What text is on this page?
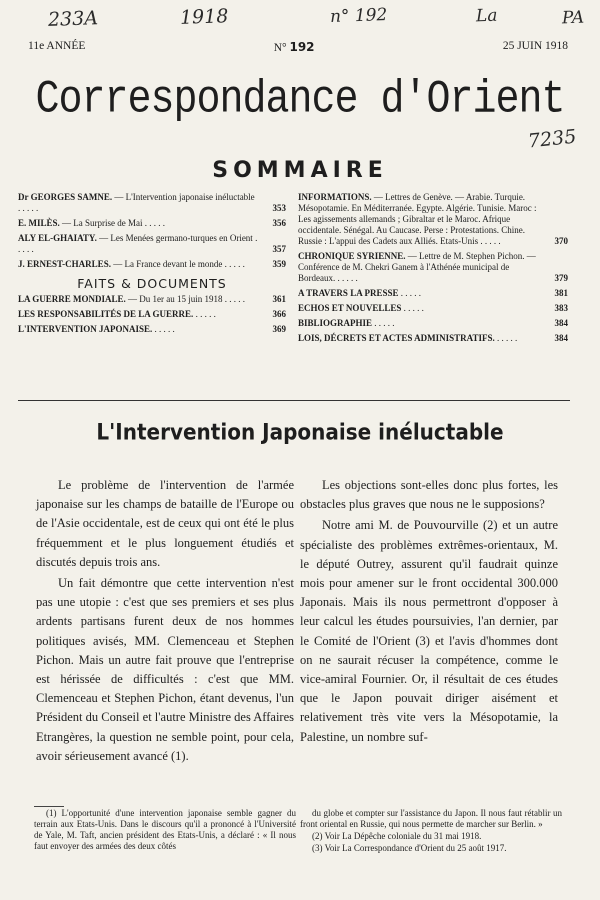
233A	1918	n° 192	La	PA
7235
11e ANNÉE	N° 192	25 JUIN 1918
Correspondance d'Orient
SOMMAIRE
Dr GEORGES SAMNE. — L'Intervention japonaise inéluctable . . . . .	353
E. MILÈS. — La Surprise de Mai . . . . .	356
ALY EL-GHAIATY. — Les Menées germano-turques en Orient . . . . .	357
J. ERNEST-CHARLES. — La France devant le monde . . . . .	359
FAITS & DOCUMENTS
LA GUERRE MONDIALE. — Du 1er au 15 juin 1918 . . . . .	361
LES RESPONSABILITÉS DE LA GUERRE. . . . . .	366
L'INTERVENTION JAPONAISE. . . . . .	369
INFORMATIONS. — Lettres de Genève. — Arabie. Turquie. Mésopotamie. En Méditerranée. Egypte. Algérie. Tunisie. Maroc : Les agissements allemands ; Gibraltar et le Maroc. Afrique occidentale. Sénégal. Au Caucase. Perse : Protestations. Chine. Russie : L'appui des Cadets aux Alliés. Etats-Unis . . . . .	370
CHRONIQUE SYRIENNE. — Lettre de M. Stephen Pichon. — Conférence de M. Chekri Ganem à l'Athénée municipal de Bordeaux. . . . . .	379
A TRAVERS LA PRESSE . . . . .	381
ECHOS ET NOUVELLES . . . . .	383
BIBLIOGRAPHIE . . . . .	384
LOIS, DÉCRETS ET ACTES ADMINISTRATIFS. . . . . .	384
L'Intervention Japonaise inéluctable

Le problème de l'intervention de l'armée japonaise sur les champs de bataille de l'Europe ou de l'Asie occidentale, est de ceux qui ont été le plus fréquemment et le plus longuement étudiés et discutés depuis trois ans.

Un fait démontre que cette intervention n'est pas une utopie : c'est que ses premiers et ses plus ardents partisans furent deux de nos hommes politiques avisés, MM. Clemenceau et Stephen Pichon. Mais un autre fait prouve que l'entreprise est hérissée de difficultés : c'est que MM. Clemenceau et Stephen Pichon, étant devenus, l'un Président du Conseil et l'autre Ministre des Affaires Etrangères, la question ne semble point, pour cela, avoir sérieusement avancé (1).

Les objections sont-elles donc plus fortes, les obstacles plus graves que nous ne le supposions?

Notre ami M. de Pouvourville (2) et un autre spécialiste des problèmes extrêmes-orientaux, M. le député Outrey, assurent qu'il faudrait quinze mois pour amener sur le front occidental 300.000 Japonais. Mais ils nous permettront d'opposer à leur calcul les études poursuivies, l'an dernier, par le Comité de l'Orient (3) et l'avis d'hommes dont on ne saurait récuser la compétence, comme le vice-amiral Fournier. Or, il résultait de ces études que le Japon pouvait diriger aisément et relativement très vite vers la Mésopotamie, la Palestine, un nombre suf-

(1) L'opportunité d'une intervention japonaise semble gagner du terrain aux Etats-Unis. Dans le discours qu'il a prononcé à l'Université de Yale, M. Taft, ancien président des Etats-Unis, a déclaré : « Il nous faut envoyer des armées des deux côtés

du globe et compter sur l'assistance du Japon. Il nous faut rétablir un front oriental en Russie, qui nous permette de marcher sur Berlin. »

(2) Voir La Dépêche coloniale du 31 mai 1918.

(3) Voir La Correspondance d'Orient du 25 août 1917.
